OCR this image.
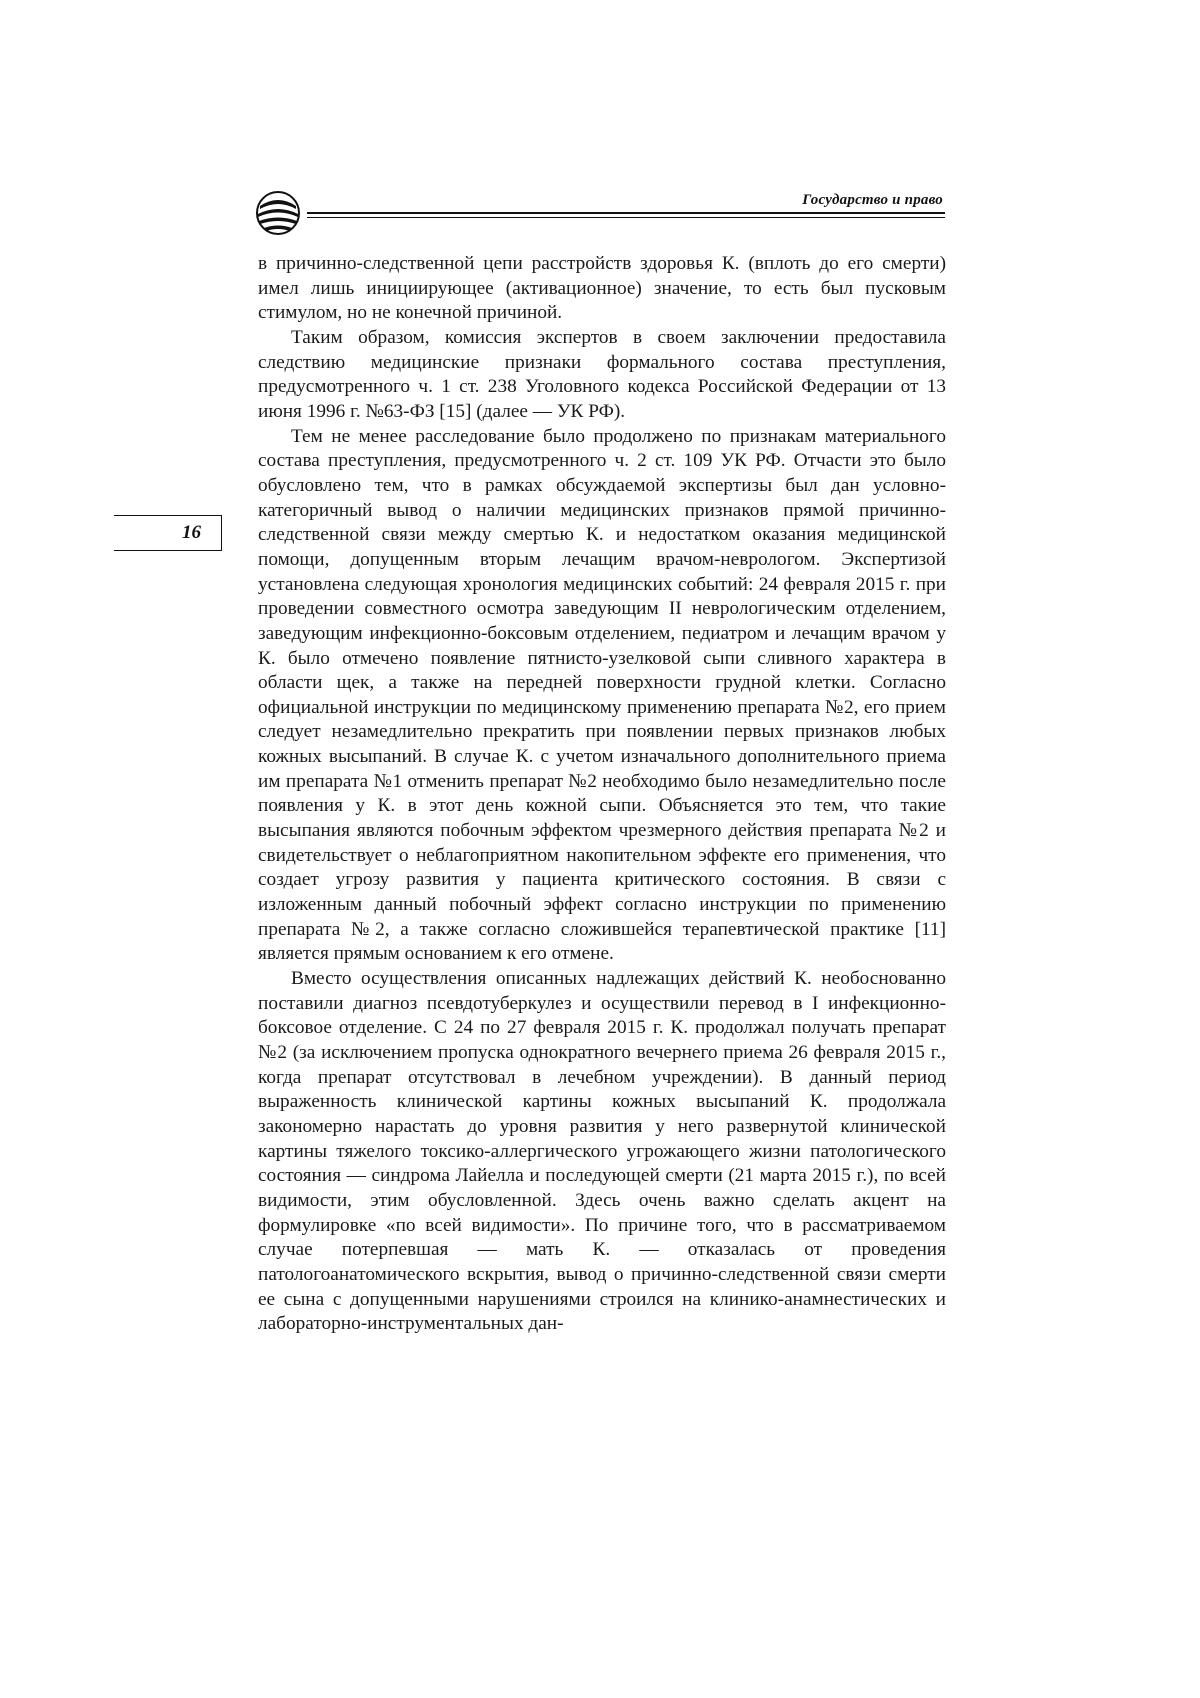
Государство и право
16

в причинно-следственной цепи расстройств здоровья К. (вплоть до его смерти) имел лишь инициирующее (активационное) значение, то есть был пусковым стимулом, но не конечной причиной.

Таким образом, комиссия экспертов в своем заключении предоставила следствию медицинские признаки формального состава преступления, предусмотренного ч. 1 ст. 238 Уголовного кодекса Российской Федерации от 13 июня 1996 г. №63-ФЗ [15] (далее — УК РФ).

Тем не менее расследование было продолжено по признакам материального состава преступления, предусмотренного ч. 2 ст. 109 УК РФ. Отчасти это было обусловлено тем, что в рамках обсуждаемой экспертизы был дан условно-категоричный вывод о наличии медицинских признаков прямой причинно-следственной связи между смертью К. и недостатком оказания медицинской помощи, допущенным вторым лечащим врачом-неврологом. Экспертизой установлена следующая хронология медицинских событий: 24 февраля 2015 г. при проведении совместного осмотра заведующим II неврологическим отделением, заведующим инфекционно-боксовым отделением, педиатром и лечащим врачом у К. было отмечено появление пятнисто-узелковой сыпи сливного характера в области щек, а также на передней поверхности грудной клетки. Согласно официальной инструкции по медицинскому применению препарата №2, его прием следует незамедлительно прекратить при появлении первых признаков любых кожных высыпаний. В случае К. с учетом изначального дополнительного приема им препарата №1 отменить препарат №2 необходимо было незамедлительно после появления у К. в этот день кожной сыпи. Объясняется это тем, что такие высыпания являются побочным эффектом чрезмерного действия препарата №2 и свидетельствует о неблагоприятном накопительном эффекте его применения, что создает угрозу развития у пациента критического состояния. В связи с изложенным данный побочный эффект согласно инструкции по применению препарата №2, а также согласно сложившейся терапевтической практике [11] является прямым основанием к его отмене.

Вместо осуществления описанных надлежащих действий К. необоснованно поставили диагноз псевдотуберкулез и осуществили перевод в I инфекционно-боксовое отделение. С 24 по 27 февраля 2015 г. К. продолжал получать препарат №2 (за исключением пропуска однократного вечернего приема 26 февраля 2015 г., когда препарат отсутствовал в лечебном учреждении). В данный период выраженность клинической картины кожных высыпаний К. продолжала закономерно нарастать до уровня развития у него развернутой клинической картины тяжелого токсико-аллергического угрожающего жизни патологического состояния — синдрома Лайелла и последующей смерти (21 марта 2015 г.), по всей видимости, этим обусловленной. Здесь очень важно сделать акцент на формулировке «по всей видимости». По причине того, что в рассматриваемом случае потерпевшая — мать К. — отказалась от проведения патологоанатомического вскрытия, вывод о причинно-следственной связи смерти ее сына с допущенными нарушениями строился на клинико-анамнестических и лабораторно-инструментальных дан-
